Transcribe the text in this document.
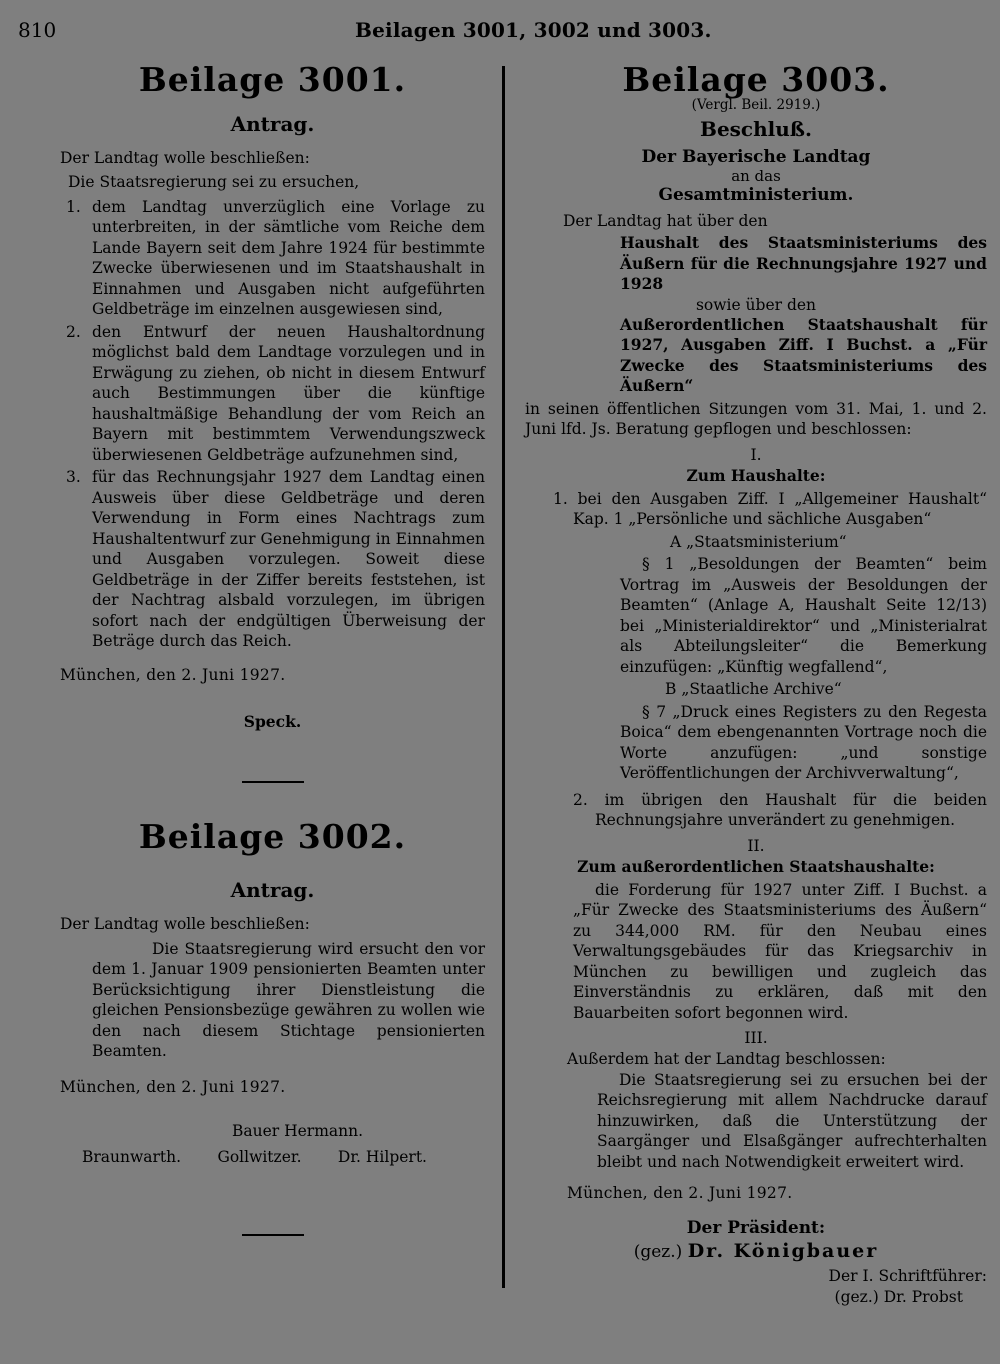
810	Beilagen 3001, 3002 und 3003.
Beilage 3001.
Antrag.

Der Landtag wolle beschließen:

Die Staatsregierung sei zu ersuchen,

1. dem Landtag unverzüglich eine Vorlage zu unterbreiten, in der sämtliche vom Reiche dem Lande Bayern seit dem Jahre 1924 für bestimmte Zwecke überwiesenen und im Staatshaushalt in Einnahmen und Ausgaben nicht aufgeführten Geldbeträge im einzelnen ausgewiesen sind,
2. den Entwurf der neuen Haushaltordnung möglichst bald dem Landtage vorzulegen und in Erwägung zu ziehen, ob nicht in diesem Entwurf auch Bestimmungen über die künftige haushaltmäßige Behandlung der vom Reich an Bayern mit bestimmtem Verwendungszweck überwiesenen Geldbeträge aufzunehmen sind,
3. für das Rechnungsjahr 1927 dem Landtag einen Ausweis über diese Geldbeträge und deren Verwendung in Form eines Nachtrags zum Haushaltentwurf zur Genehmigung in Einnahmen und Ausgaben vorzulegen. Soweit diese Geldbeträge in der Ziffer bereits feststehen, ist der Nachtrag alsbald vorzulegen, im übrigen sofort nach der endgültigen Überweisung der Beträge durch das Reich.

München, den 2. Juni 1927.

Speck.
Beilage 3002.
Antrag.

Der Landtag wolle beschließen:

Die Staatsregierung wird ersucht den vor dem 1. Januar 1909 pensionierten Beamten unter Berücksichtigung ihrer Dienstleistung die gleichen Pensionsbezüge gewähren zu wollen wie den nach diesem Stichtage pensionierten Beamten.

München, den 2. Juni 1927.

Bauer Hermann.
Braunwarth. Gollwitzer. Dr. Hilpert.
Beilage 3003.
(Vergl. Beil. 2919.)
Beschluß.
Der Bayerische Landtag
an das
Gesamtministerium.

Der Landtag hat über den

Haushalt des Staatsministeriums des Äußern für die Rechnungsjahre 1927 und 1928

sowie über den

Außerordentlichen Staatshaushalt für 1927, Ausgaben Ziff. I Buchst. a „Für Zwecke des Staatsministeriums des Äußern“

in seinen öffentlichen Sitzungen vom 31. Mai, 1. und 2. Juni lfd. Js. Beratung gepflogen und beschlossen:

I.
Zum Haushalte:

1. bei den Ausgaben Ziff. I „Allgemeiner Haushalt“ Kap. 1 „Persönliche und sächliche Ausgaben“

A „Staatsministerium“

§ 1 „Besoldungen der Beamten“ beim Vortrag im „Ausweis der Besoldungen der Beamten“ (Anlage A, Haushalt Seite 12/13) bei „Ministerialdirektor“ und „Ministerialrat als Abteilungsleiter“ die Bemerkung einzufügen: „Künftig wegfallend“,

B „Staatliche Archive“

§ 7 „Druck eines Registers zu den Regesta Boica“ dem ebengenannten Vortrage noch die Worte anzufügen: „und sonstige Veröffentlichungen der Archivverwaltung“,

2. im übrigen den Haushalt für die beiden Rechnungsjahre unverändert zu genehmigen.

II.
Zum außerordentlichen Staatshaushalte:

die Forderung für 1927 unter Ziff. I Buchst. a „Für Zwecke des Staatsministeriums des Äußern“ zu 344,000 RM. für den Neubau eines Verwaltungsgebäudes für das Kriegsarchiv in München zu bewilligen und zugleich das Einverständnis zu erklären, daß mit den Bauarbeiten sofort begonnen wird.

III.

Außerdem hat der Landtag beschlossen:

Die Staatsregierung sei zu ersuchen bei der Reichsregierung mit allem Nachdrucke darauf hinzuwirken, daß die Unterstützung der Saargänger und Elsaßgänger aufrechterhalten bleibt und nach Notwendigkeit erweitert wird.

München, den 2. Juni 1927.

Der Präsident:
(gez.) Dr. Königbauer
Der I. Schriftführer:
(gez.) Dr. Probst
